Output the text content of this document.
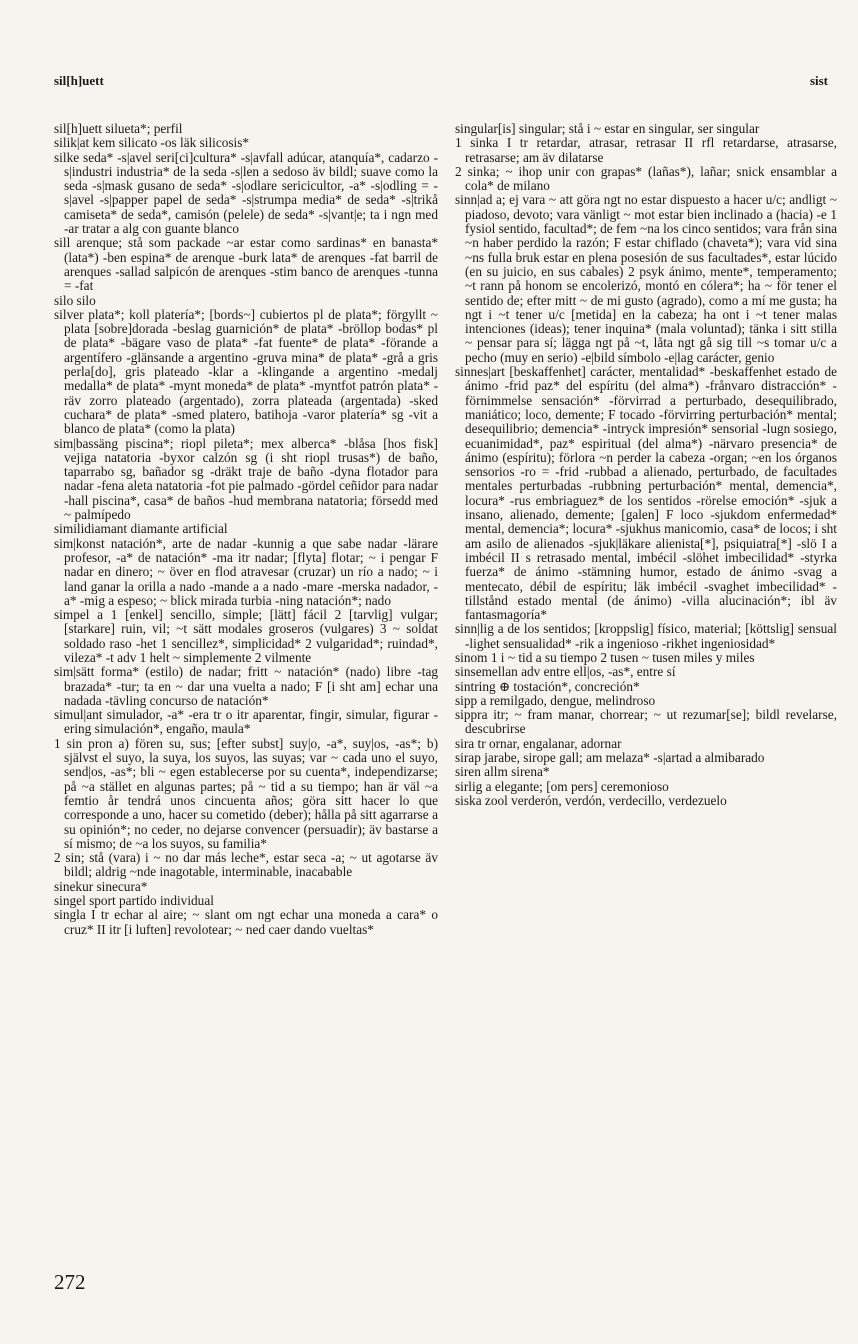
sil[h]uett	sist

sil[h]uett silueta*; perfil

silik|at kem silicato -os läk silicosis*

silke seda* -s|avel seri[ci]cultura* -s|avfall adúcar, atanquía*, cadarzo -s|industri industria* de la seda -s|len a sedoso äv bildl; suave como la seda -s|mask gusano de seda* -s|odlare sericicultor, -a* -s|odling = -s|avel -s|papper papel de seda* -s|strumpa media* de seda* -s|trikå camiseta* de seda*, camisón (pelele) de seda* -s|vant|e; ta i ngn med -ar tratar a alg con guante blanco

sill arenque; stå som packade ~ar estar como sardinas* en banasta* (lata*) -ben espina* de arenque -burk lata* de arenques -fat barril de arenques -sallad salpicón de arenques -stim banco de arenques -tunna = -fat

silo silo

silver plata*; koll platería*; [bords~] cubiertos pl de plata*; förgyllt ~ plata [sobre]dorada -beslag guarnición* de plata* -bröllop bodas* pl de plata* -bägare vaso de plata* -fat fuente* de plata* -förande a argentífero -glänsande a argentino -gruva mina* de plata* -grå a gris perla[do], gris plateado -klar a -klingande a argentino -medalj medalla* de plata* -mynt moneda* de plata* -myntfot patrón plata* -räv zorro plateado (argentado), zorra plateada (argentada) -sked cuchara* de plata* -smed platero, batihoja -varor platería* sg -vit a blanco de plata* (como la plata)

sim|bassäng piscina*; riopl pileta*; mex alberca* -blåsa [hos fisk] vejiga natatoria -byxor calzón sg (i sht riopl trusas*) de baño, taparrabo sg, bañador sg -dräkt traje de baño -dyna flotador para nadar -fena aleta natatoria -fot pie palmado -gördel ceñidor para nadar -hall piscina*, casa* de baños -hud membrana natatoria; försedd med ~ palmípedo

similidiamant diamante artificial

sim|konst natación*, arte de nadar -kunnig a que sabe nadar -lärare profesor, -a* de natación* -ma itr nadar; [flyta] flotar; ~ i pengar F nadar en dinero; ~ över en flod atravesar (cruzar) un río a nado; ~ i land ganar la orilla a nado -mande a a nado -mare -merska nadador, -a* -mig a espeso; ~ blick mirada turbia -ning natación*; nado

simpel a 1 [enkel] sencillo, simple; [lätt] fácil 2 [tarvlig] vulgar; [starkare] ruin, vil; ~t sätt modales groseros (vulgares) 3 ~ soldat soldado raso -het 1 sencillez*, simplicidad* 2 vulgaridad*; ruindad*, vileza* -t adv 1 helt ~ simplemente 2 vilmente

sim|sätt forma* (estilo) de nadar; fritt ~ natación* (nado) libre -tag brazada* -tur; ta en ~ dar una vuelta a nado; F [i sht am] echar una nadada -tävling concurso de natación*

simul|ant simulador, -a* -era tr o itr aparentar, fingir, simular, figurar -ering simulación*, engaño, maula*

1 sin pron a) fören su, sus; [efter subst] suy|o, -a*, suy|os, -as*; b) självst el suyo, la suya, los suyos, las suyas; var ~ cada uno el suyo, send|os, -as*; bli ~ egen establecerse por su cuenta*, independizarse; på ~a stället en algunas partes; på ~ tid a su tiempo; han är väl ~a femtio år tendrá unos cincuenta años; göra sitt hacer lo que corresponde a uno, hacer su cometido (deber); hålla på sitt agarrarse a su opinión*; no ceder, no dejarse convencer (persuadir); äv bastarse a sí mismo; de ~a los suyos, su familia*

2 sin; stå (vara) i ~ no dar más leche*, estar seca -a; ~ ut agotarse äv bildl; aldrig ~nde inagotable, interminable, inacabable

sinekur sinecura*

singel sport partido individual

singla I tr echar al aire; ~ slant om ngt echar una moneda a cara* o cruz* II itr [i luften] revolotear; ~ ned caer dando vueltas*

singular[is] singular; stå i ~ estar en singular, ser singular

1 sinka I tr retardar, atrasar, retrasar II rfl retardarse, atrasarse, retrasarse; am äv dilatarse

2 sinka; ~ ihop unir con grapas* (lañas*), lañar; snick ensamblar a cola* de milano

sinn|ad a; ej vara ~ att göra ngt no estar dispuesto a hacer u/c; andligt ~ piadoso, devoto; vara vänligt ~ mot estar bien inclinado a (hacia) -e 1 fysiol sentido, facultad*; de fem ~na los cinco sentidos; vara från sina ~n haber perdido la razón; F estar chiflado (chaveta*); vara vid sina ~ns fulla bruk estar en plena posesión de sus facultades*, estar lúcido (en su juicio, en sus cabales) 2 psyk ánimo, mente*, temperamento; ~t rann på honom se encolerizó, montó en cólera*; ha ~ för tener el sentido de; efter mitt ~ de mi gusto (agrado), como a mí me gusta; ha ngt i ~t tener u/c [metida] en la cabeza; ha ont i ~t tener malas intenciones (ideas); tener inquina* (mala voluntad); tänka i sitt stilla ~ pensar para sí; lägga ngt på ~t, låta ngt gå sig till ~s tomar u/c a pecho (muy en serio) -e|bild símbolo -e|lag carácter, genio

sinnes|art [beskaffenhet] carácter, mentalidad* -beskaffenhet estado de ánimo -frid paz* del espíritu (del alma*) -frånvaro distracción* -förnimmelse sensación* -förvirrad a perturbado, desequilibrado, maniático; loco, demente; F tocado -förvirring perturbación* mental; desequilibrio; demencia* -intryck impresión* sensorial -lugn sosiego, ecuanimidad*, paz* espiritual (del alma*) -närvaro presencia* de ánimo (espíritu); förlora ~n perder la cabeza -organ; ~en los órganos sensorios -ro = -frid -rubbad a alienado, perturbado, de facultades mentales perturbadas -rubbning perturbación* mental, demencia*, locura* -rus embriaguez* de los sentidos -rörelse emoción* -sjuk a insano, alienado, demente; [galen] F loco -sjukdom enfermedad* mental, demencia*; locura* -sjukhus manicomio, casa* de locos; i sht am asilo de alienados -sjuk|läkare alienista[*], psiquiatra[*] -slö I a imbécil II s retrasado mental, imbécil -slöhet imbecilidad* -styrka fuerza* de ánimo -stämning humor, estado de ánimo -svag a mentecato, débil de espíritu; läk imbécil -svaghet imbecilidad* -tillstånd estado mental (de ánimo) -villa alucinación*; ibl äv fantasmagoría*

sinn|lig a de los sentidos; [kroppslig] físico, material; [köttslig] sensual -lighet sensualidad* -rik a ingenioso -rikhet ingeniosidad*

sinom 1 i ~ tid a su tiempo 2 tusen ~ tusen miles y miles

sinsemellan adv entre ell|os, -as*, entre sí

sintring ⊕ tostación*, concreción*

sipp a remilgado, dengue, melindroso

sippra itr; ~ fram manar, chorrear; ~ ut rezumar[se]; bildl revelarse, descubrirse

sira tr ornar, engalanar, adornar

sirap jarabe, sirope gall; am melaza* -s|artad a almibarado

siren allm sirena*

sirlig a elegante; [om pers] ceremonioso

siska zool verderón, verdón, verdecillo, verdezuelo

272
